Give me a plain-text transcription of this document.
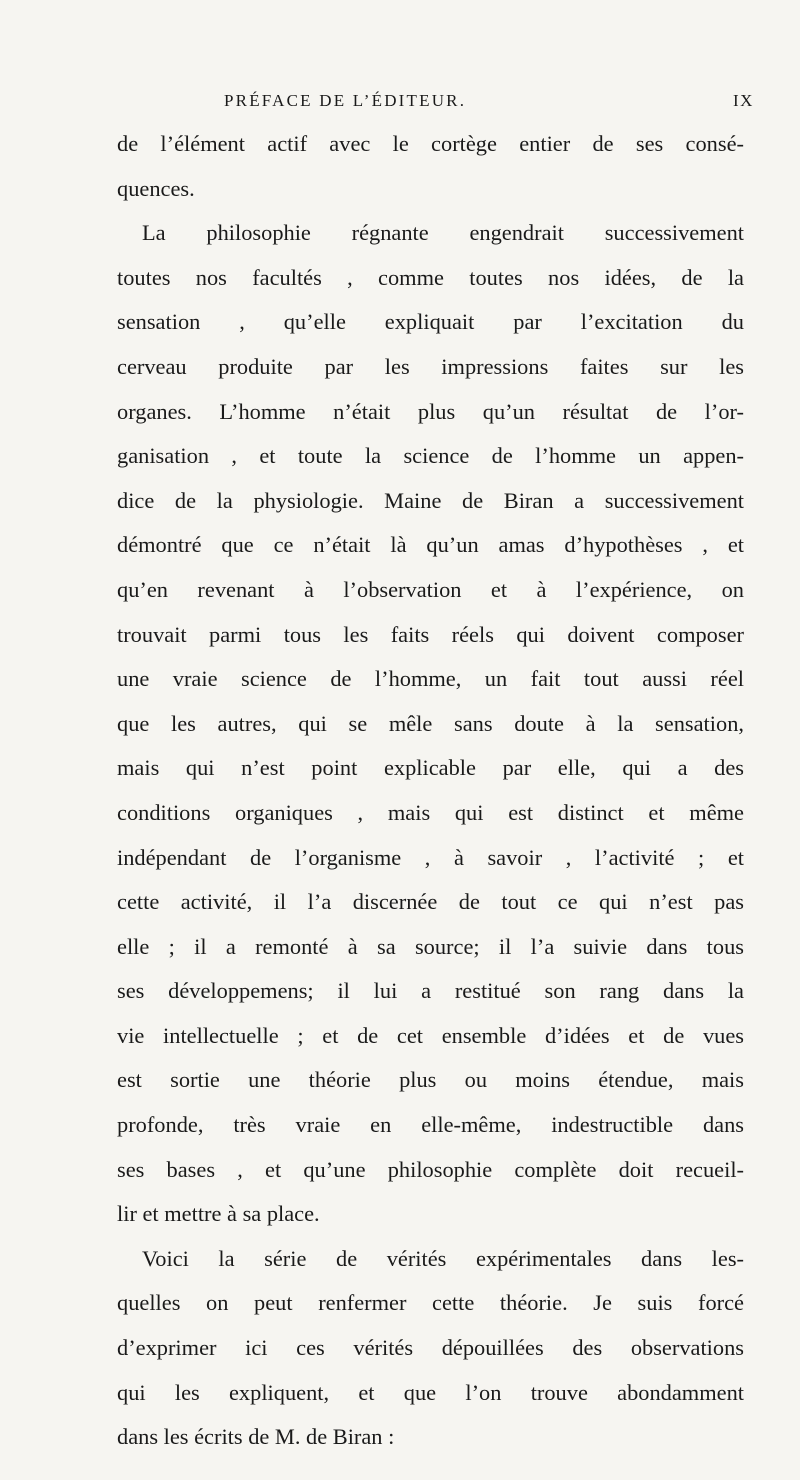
PRÉFACE DE L’ÉDITEUR.	IX
de l’élément actif avec le cortège entier de ses consé-
quences.
La philosophie régnante engendrait successivement
toutes nos facultés , comme toutes nos idées, de la
sensation , qu’elle expliquait par l’excitation du
cerveau produite par les impressions faites sur les
organes. L’homme n’était plus qu’un résultat de l’or-
ganisation , et toute la science de l’homme un appen-
dice de la physiologie. Maine de Biran a successivement
démontré que ce n’était là qu’un amas d’hypothèses , et
qu’en revenant à l’observation et à l’expérience, on
trouvait parmi tous les faits réels qui doivent composer
une vraie science de l’homme, un fait tout aussi réel
que les autres, qui se mêle sans doute à la sensation,
mais qui n’est point explicable par elle, qui a des
conditions organiques , mais qui est distinct et même
indépendant de l’organisme , à savoir , l’activité ; et
cette activité, il l’a discernée de tout ce qui n’est pas
elle ; il a remonté à sa source; il l’a suivie dans tous
ses développemens; il lui a restitué son rang dans la
vie intellectuelle ; et de cet ensemble d’idées et de vues
est sortie une théorie plus ou moins étendue, mais
profonde, très vraie en elle-même, indestructible dans
ses bases , et qu’une philosophie complète doit recueil-
lir et mettre à sa place.
Voici la série de vérités expérimentales dans les-
quelles on peut renfermer cette théorie. Je suis forcé
d’exprimer ici ces vérités dépouillées des observations
qui les expliquent, et que l’on trouve abondamment
dans les écrits de M. de Biran :
